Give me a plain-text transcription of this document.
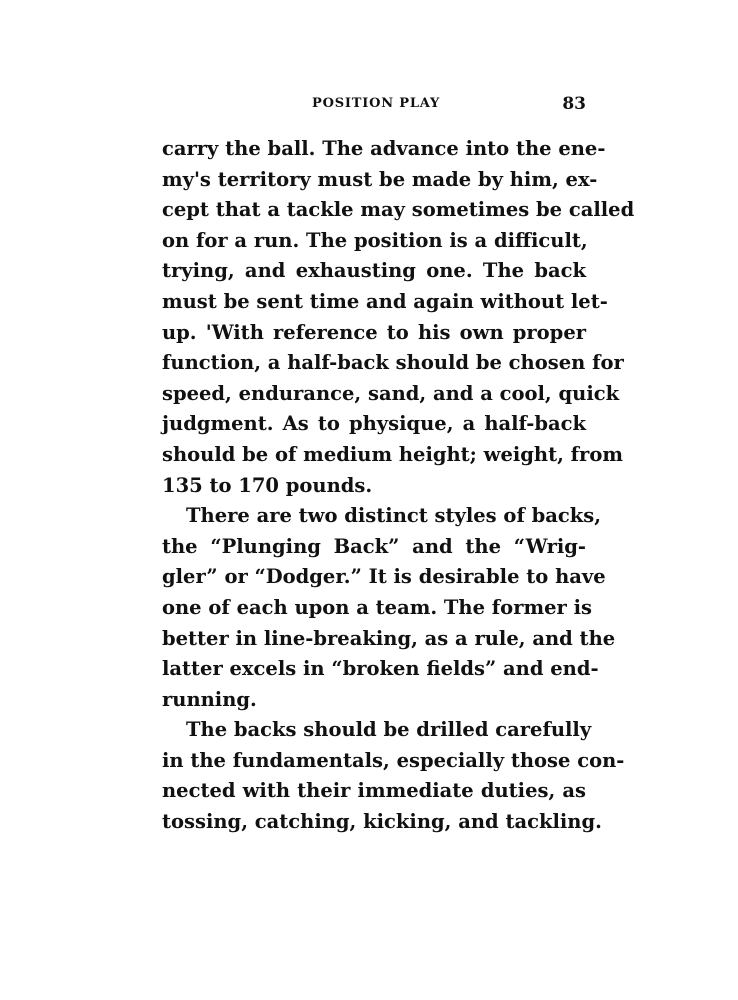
POSITION PLAY	83
carry the ball. The advance into the ene-
my's territory must be made by him, ex-
cept that a tackle may sometimes be called
on for a run. The position is a difficult,
trying, and exhausting one. The back
must be sent time and again without let-
up. 'With reference to his own proper
function, a half-back should be chosen for
speed, endurance, sand, and a cool, quick
judgment. As to physique, a half-back
should be of medium height; weight, from
135 to 170 pounds.
There are two distinct styles of backs,
the “Plunging Back” and the “Wrig-
gler” or “Dodger.” It is desirable to have
one of each upon a team. The former is
better in line-breaking, as a rule, and the
latter excels in “broken fields” and end-
running.
The backs should be drilled carefully
in the fundamentals, especially those con-
nected with their immediate duties, as
tossing, catching, kicking, and tackling.
